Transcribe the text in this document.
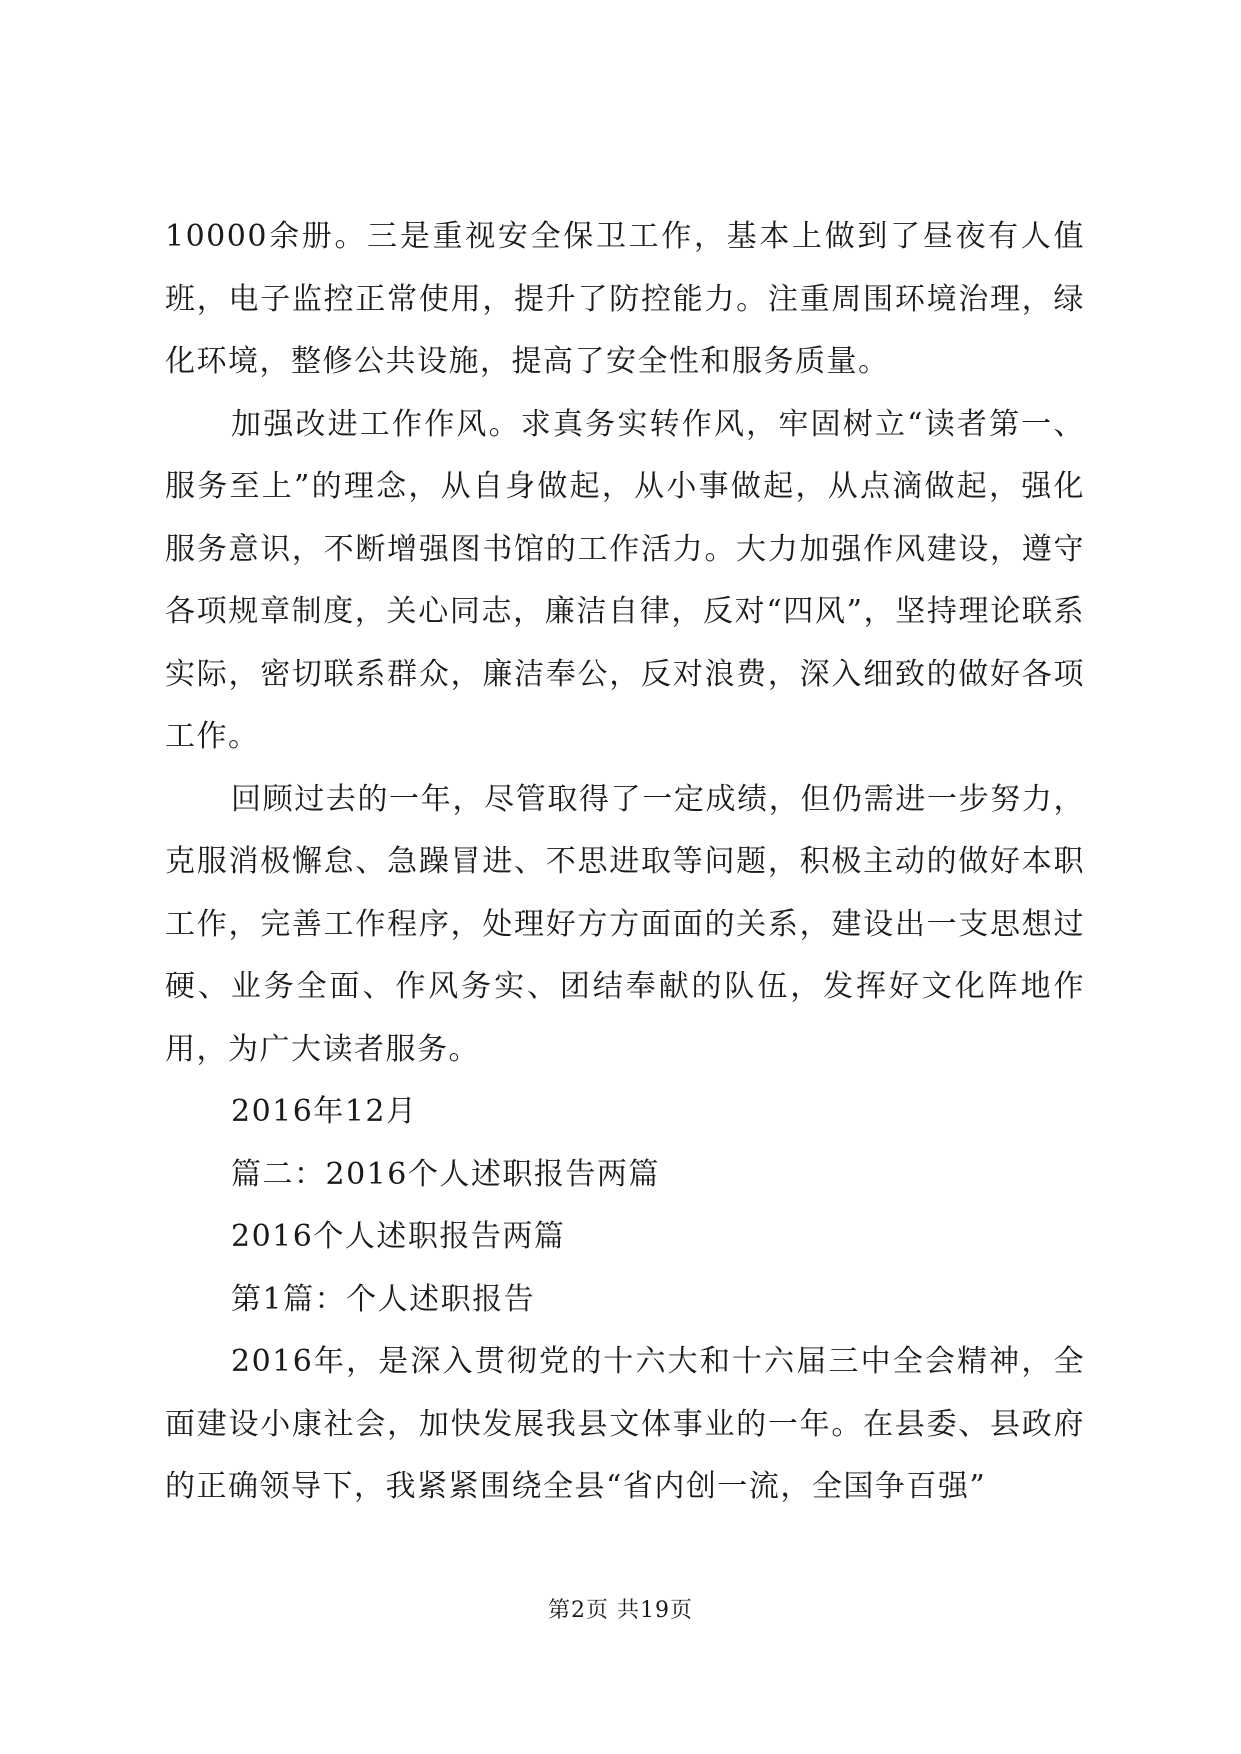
10000余册。三是重视安全保卫工作，基本上做到了昼夜有人值班，电子监控正常使用，提升了防控能力。注重周围环境治理，绿化环境，整修公共设施，提高了安全性和服务质量。

加强改进工作作风。求真务实转作风，牢固树立“读者第一、服务至上”的理念，从自身做起，从小事做起，从点滴做起，强化服务意识，不断增强图书馆的工作活力。大力加强作风建设，遵守各项规章制度，关心同志，廉洁自律，反对“四风”，坚持理论联系实际，密切联系群众，廉洁奉公，反对浪费，深入细致的做好各项工作。

回顾过去的一年，尽管取得了一定成绩，但仍需进一步努力，克服消极懈怠、急躁冒进、不思进取等问题，积极主动的做好本职工作，完善工作程序，处理好方方面面的关系，建设出一支思想过硬、业务全面、作风务实、团结奉献的队伍，发挥好文化阵地作用，为广大读者服务。

2016年12月

篇二：2016个人述职报告两篇

2016个人述职报告两篇

第1篇：个人述职报告

2016年，是深入贯彻党的十六大和十六届三中全会精神，全面建设小康社会，加快发展我县文体事业的一年。在县委、县政府的正确领导下，我紧紧围绕全县“省内创一流，全国争百强”

第2页 共19页
